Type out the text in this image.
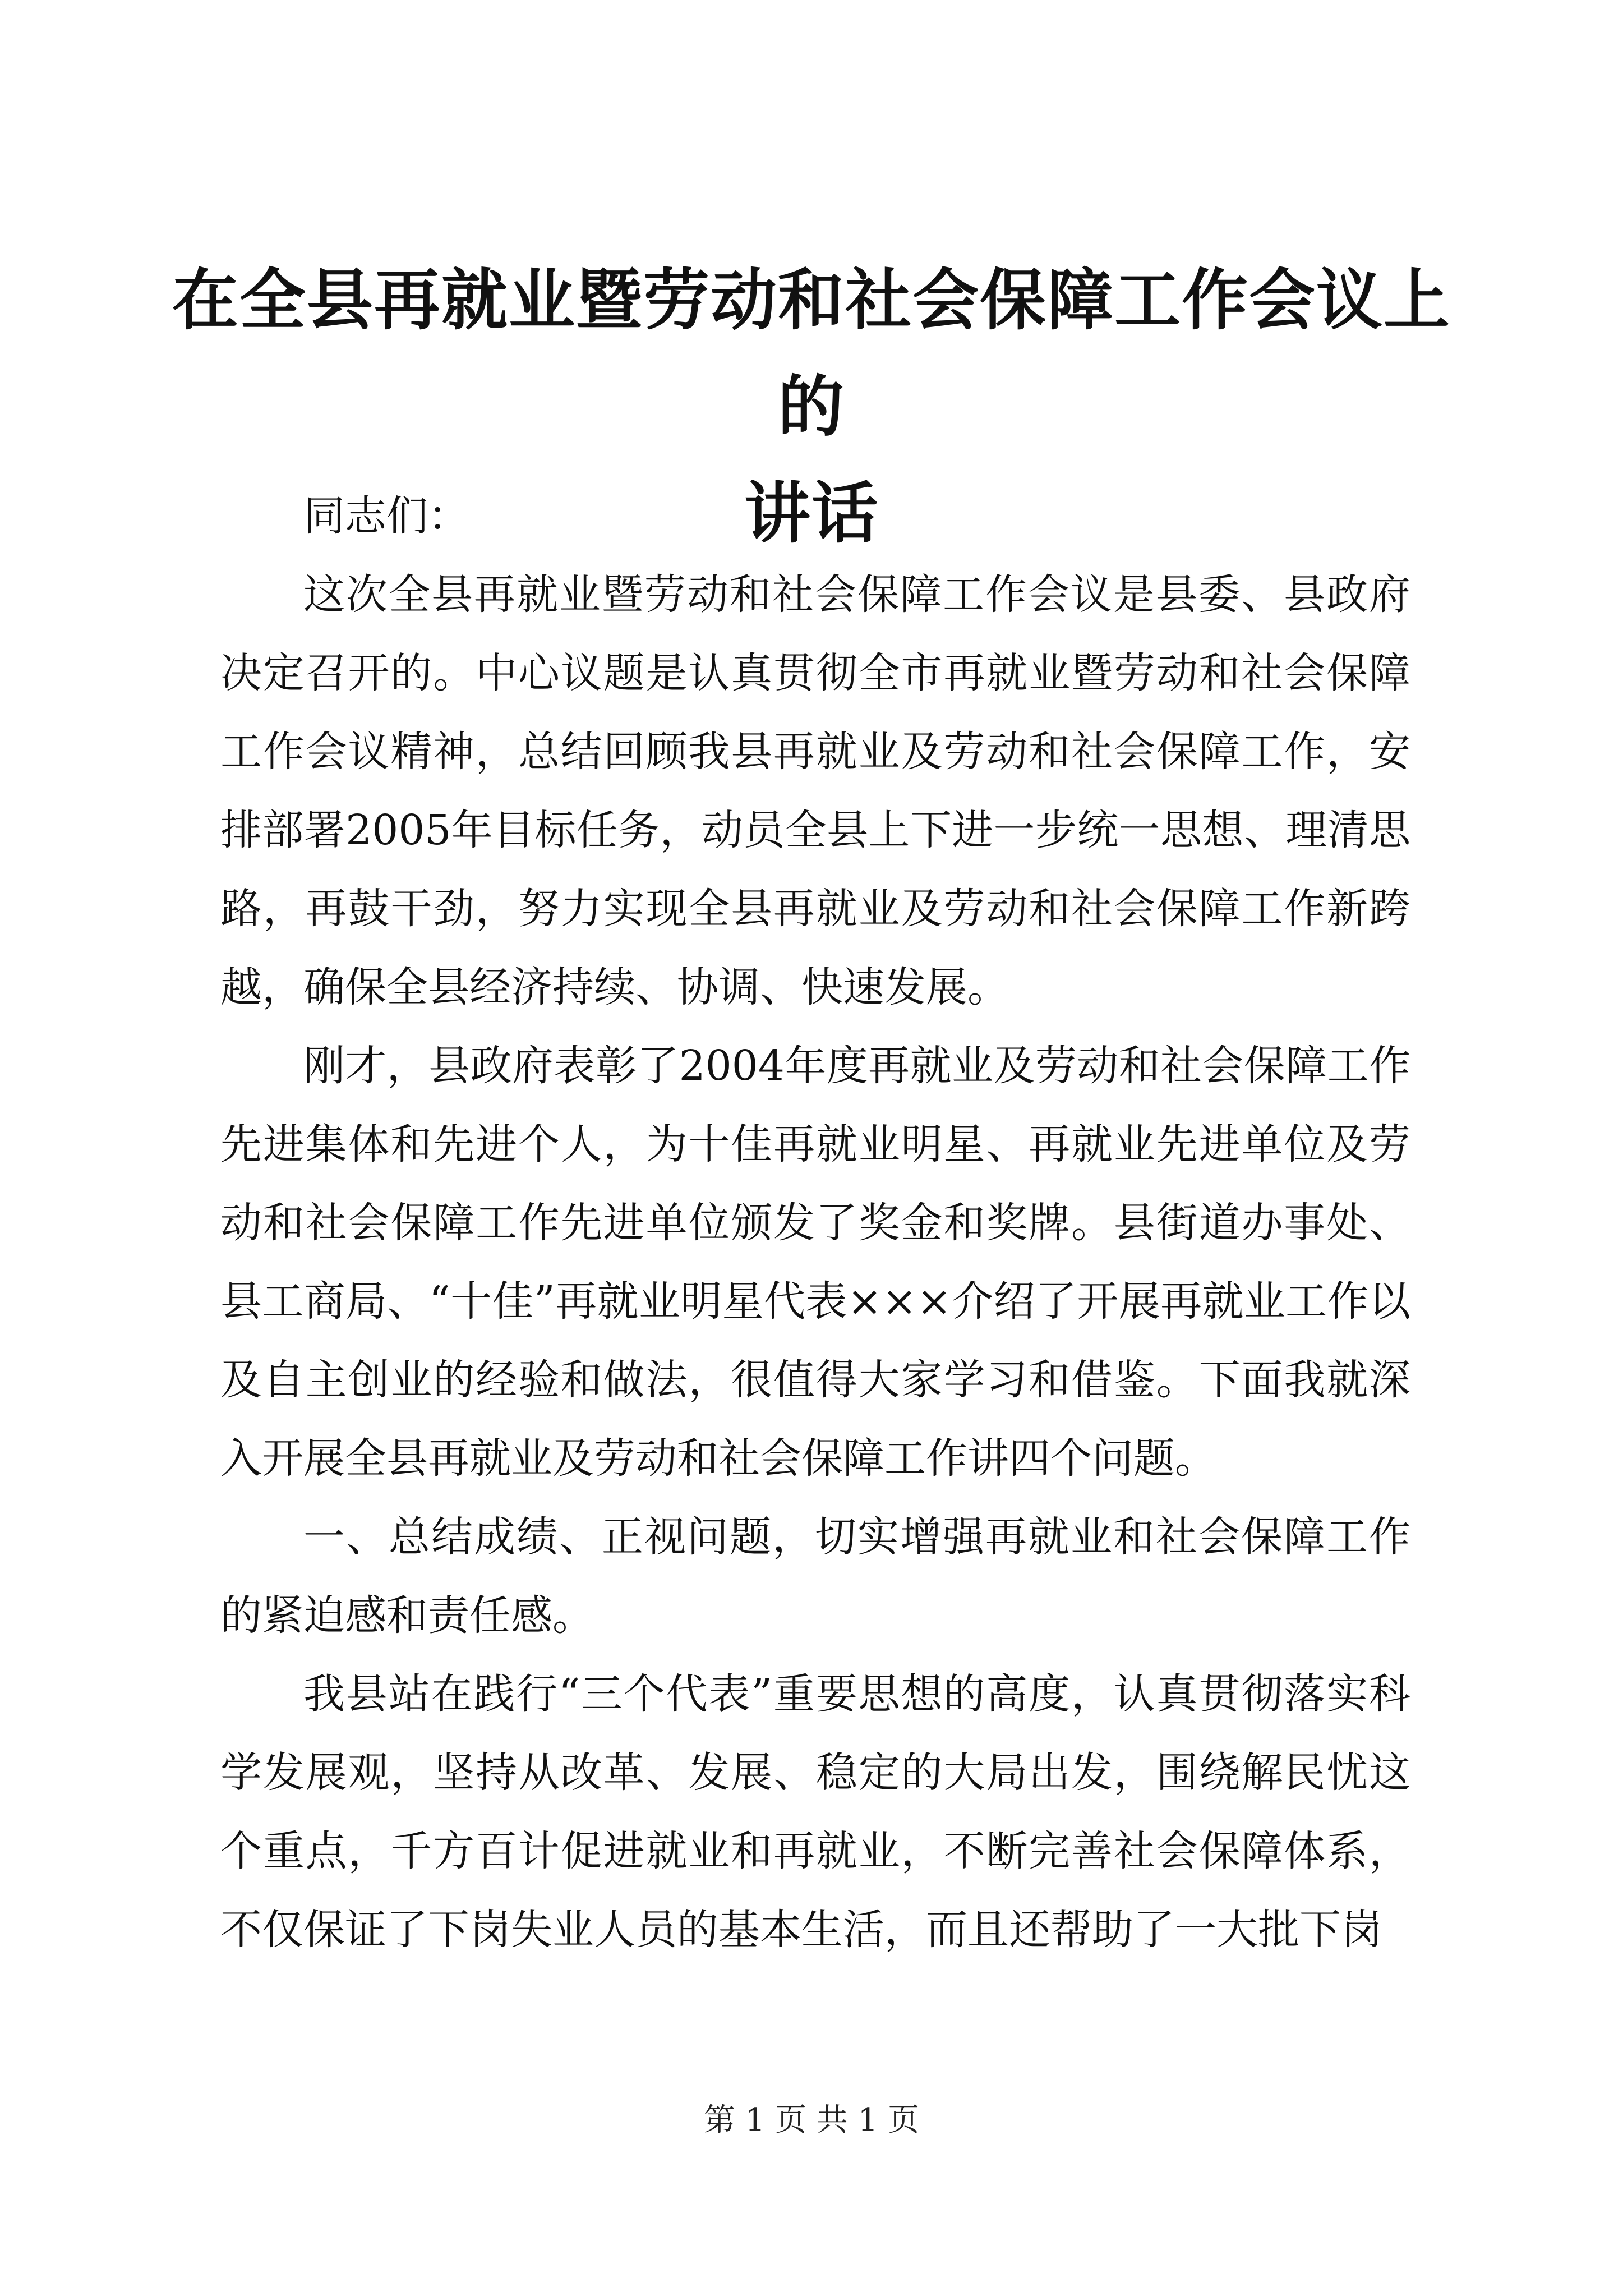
在全县再就业暨劳动和社会保障工作会议上的
讲话

同志们：

这次全县再就业暨劳动和社会保障工作会议是县委、县政府决定召开的。中心议题是认真贯彻全市再就业暨劳动和社会保障工作会议精神，总结回顾我县再就业及劳动和社会保障工作，安排部署2005年目标任务，动员全县上下进一步统一思想、理清思路，再鼓干劲，努力实现全县再就业及劳动和社会保障工作新跨越，确保全县经济持续、协调、快速发展。

刚才，县政府表彰了2004年度再就业及劳动和社会保障工作先进集体和先进个人，为十佳再就业明星、再就业先进单位及劳动和社会保障工作先进单位颁发了奖金和奖牌。县街道办事处、县工商局、“十佳”再就业明星代表×××介绍了开展再就业工作以及自主创业的经验和做法，很值得大家学习和借鉴。下面我就深入开展全县再就业及劳动和社会保障工作讲四个问题。

一、总结成绩、正视问题，切实增强再就业和社会保障工作的紧迫感和责任感。

我县站在践行“三个代表”重要思想的高度，认真贯彻落实科学发展观，坚持从改革、发展、稳定的大局出发，围绕解民忧这个重点，千方百计促进就业和再就业，不断完善社会保障体系，不仅保证了下岗失业人员的基本生活，而且还帮助了一大批下岗

第 1 页 共 1 页
